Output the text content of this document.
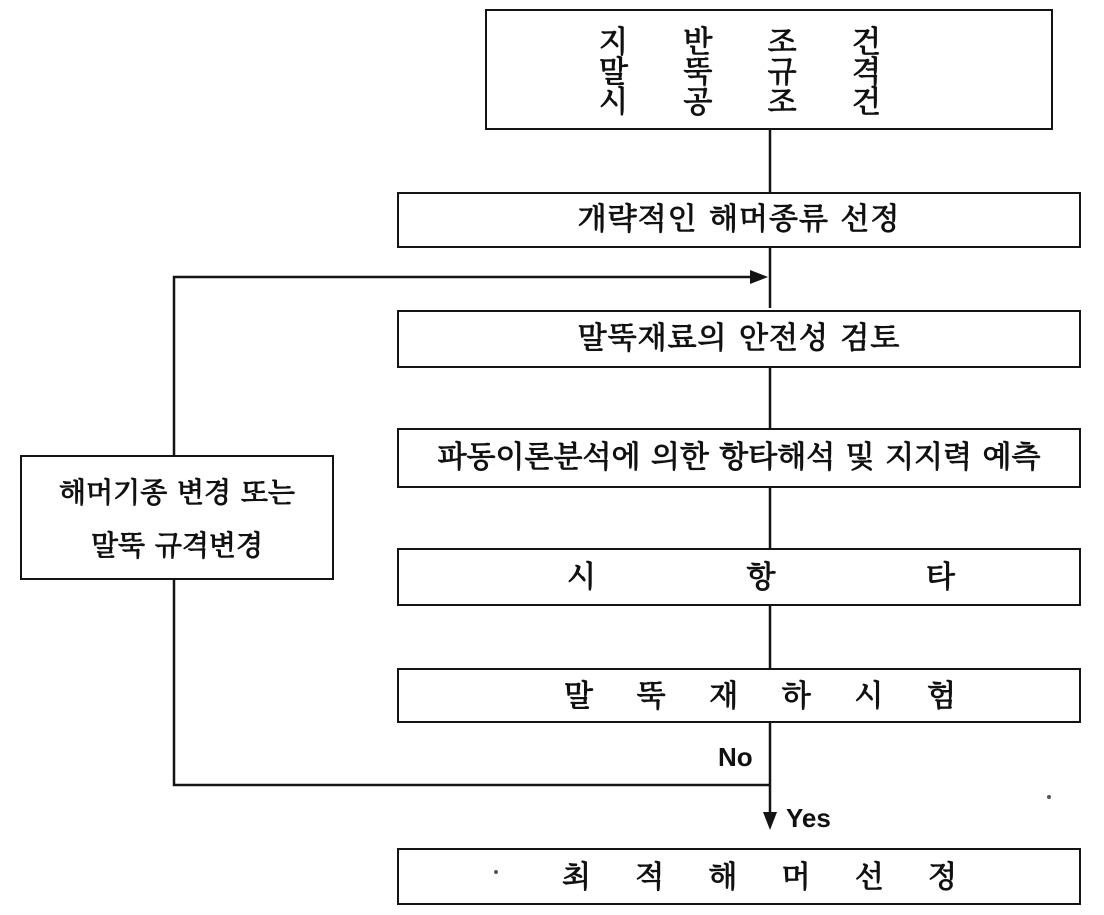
지 반 조 건
말 뚝 규 격
시 공 조 건
개략적인 해머종류 선정
말뚝재료의 안전성 검토
파동이론분석에 의한 항타해석 및 지지력 예측
시	항	타
말 뚝 재 하 시 험
최 적 해 머 선 정
해머기종 변경 또는
말뚝 규격변경
No
Yes
